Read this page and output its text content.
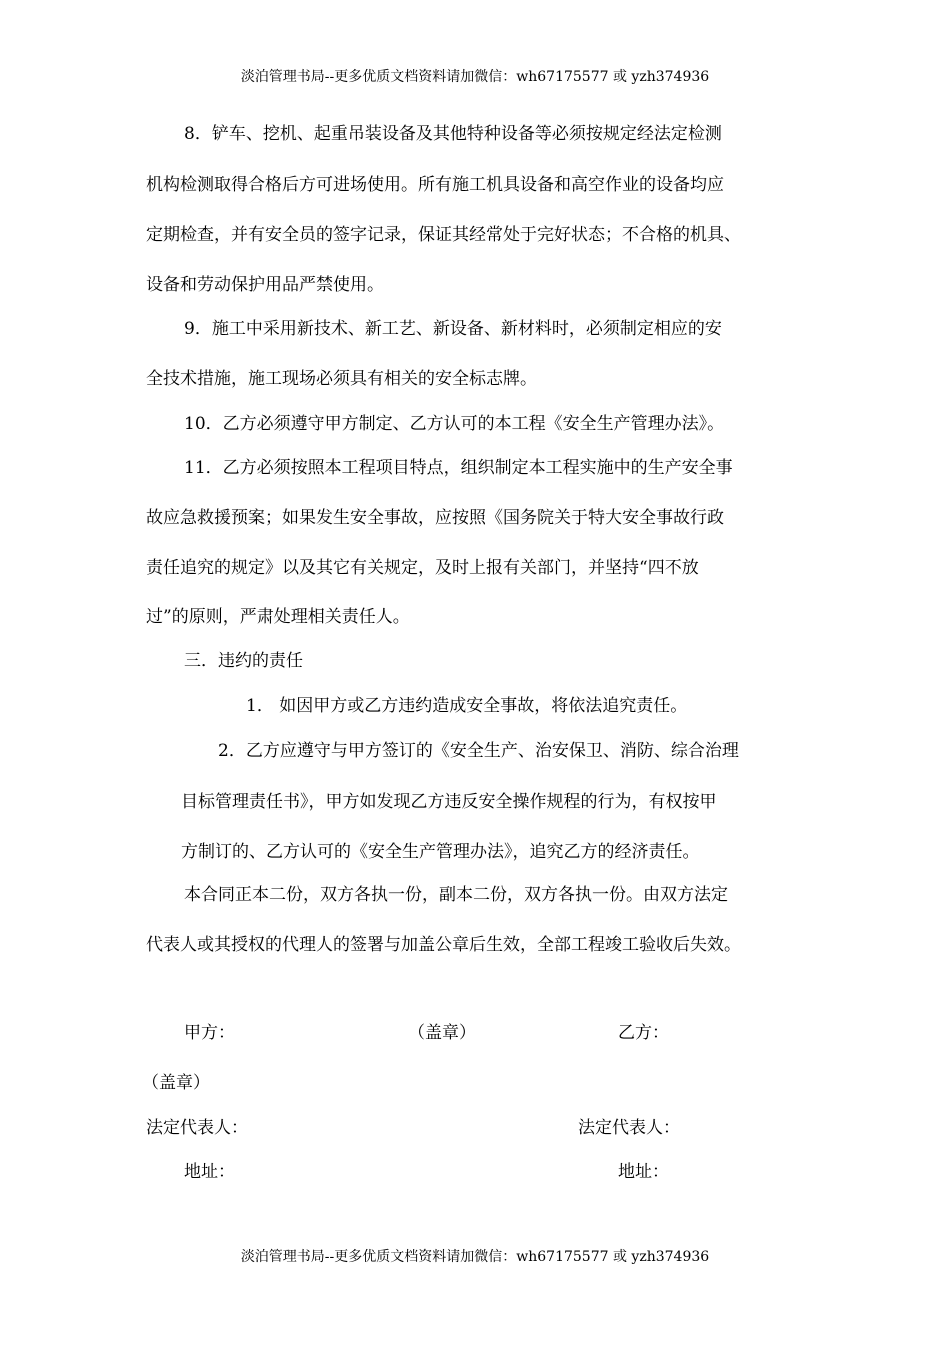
淡泊管理书局--更多优质文档资料请加微信：wh67175577 或 yzh374936
8．铲车、挖机、起重吊装设备及其他特种设备等必须按规定经法定检测
机构检测取得合格后方可进场使用。所有施工机具设备和高空作业的设备均应
定期检查，并有安全员的签字记录，保证其经常处于完好状态；不合格的机具、
设备和劳动保护用品严禁使用。
9．施工中采用新技术、新工艺、新设备、新材料时，必须制定相应的安
全技术措施，施工现场必须具有相关的安全标志牌。
10．乙方必须遵守甲方制定、乙方认可的本工程《安全生产管理办法》。
11．乙方必须按照本工程项目特点，组织制定本工程实施中的生产安全事
故应急救援预案；如果发生安全事故，应按照《国务院关于特大安全事故行政
责任追究的规定》以及其它有关规定，及时上报有关部门，并坚持“四不放
过”的原则，严肃处理相关责任人。
三．违约的责任
1． 如因甲方或乙方违约造成安全事故，将依法追究责任。
2．乙方应遵守与甲方签订的《安全生产、治安保卫、消防、综合治理
目标管理责任书》，甲方如发现乙方违反安全操作规程的行为，有权按甲
方制订的、乙方认可的《安全生产管理办法》，追究乙方的经济责任。
本合同正本二份，双方各执一份，副本二份，双方各执一份。由双方法定
代表人或其授权的代理人的签署与加盖公章后生效，全部工程竣工验收后失效。
甲方：	（盖章）	乙方：
（盖章）
法定代表人：	法定代表人：
地址：	地址：
淡泊管理书局--更多优质文档资料请加微信：wh67175577 或 yzh374936
